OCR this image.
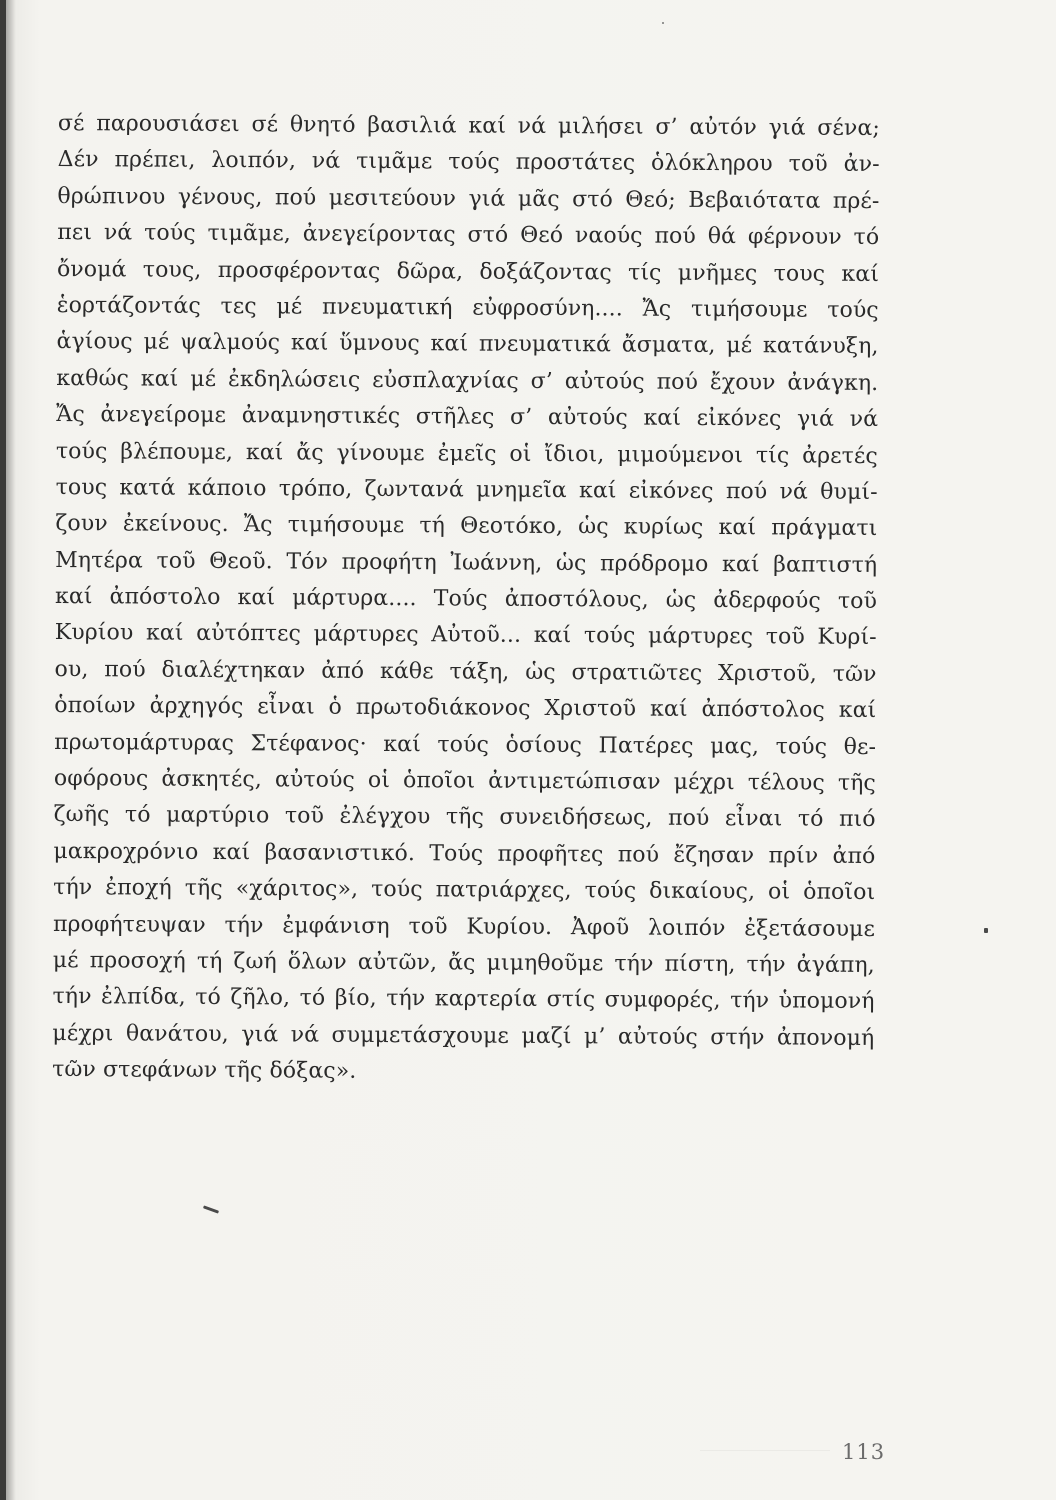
σέ παρουσιάσει σέ θνητό βασιλιά καί νά μιλήσει σ’ αὐτόν γιά σένα;
Δέν πρέπει, λοιπόν, νά τιμᾶμε τούς προστάτες ὁλόκληρου τοῦ ἀν-
θρώπινου γένους, πού μεσιτεύουν γιά μᾶς στό Θεό; Βεβαιότατα πρέ-
πει νά τούς τιμᾶμε, ἀνεγείροντας στό Θεό ναούς πού θά φέρνουν τό
ὄνομά τους, προσφέροντας δῶρα, δοξάζοντας τίς μνῆμες τους καί
ἑορτάζοντάς τες μέ πνευματική εὐφροσύνη.... Ἄς τιμήσουμε τούς
ἁγίους μέ ψαλμούς καί ὕμνους καί πνευματικά ἄσματα, μέ κατάνυξη,
καθώς καί μέ ἐκδηλώσεις εὐσπλαχνίας σ’ αὐτούς πού ἔχουν ἀνάγκη.
Ἄς ἀνεγείρομε ἀναμνηστικές στῆλες σ’ αὐτούς καί εἰκόνες γιά νά
τούς βλέπουμε, καί ἄς γίνουμε ἐμεῖς οἱ ἴδιοι, μιμούμενοι τίς ἀρετές
τους κατά κάποιο τρόπο, ζωντανά μνημεῖα καί εἰκόνες πού νά θυμί-
ζουν ἐκείνους. Ἄς τιμήσουμε τή Θεοτόκο, ὡς κυρίως καί πράγματι
Μητέρα τοῦ Θεοῦ. Τόν προφήτη Ἰωάννη, ὡς πρόδρομο καί βαπτιστή
καί ἀπόστολο καί μάρτυρα.... Τούς ἀποστόλους, ὡς ἀδερφούς τοῦ
Κυρίου καί αὐτόπτες μάρτυρες Αὐτοῦ... καί τούς μάρτυρες τοῦ Κυρί-
ου, πού διαλέχτηκαν ἀπό κάθε τάξη, ὡς στρατιῶτες Χριστοῦ, τῶν
ὁποίων ἀρχηγός εἶναι ὁ πρωτοδιάκονος Χριστοῦ καί ἀπόστολος καί
πρωτομάρτυρας Στέφανος· καί τούς ὁσίους Πατέρες μας, τούς θε-
οφόρους ἀσκητές, αὐτούς οἱ ὁποῖοι ἀντιμετώπισαν μέχρι τέλους τῆς
ζωῆς τό μαρτύριο τοῦ ἐλέγχου τῆς συνειδήσεως, πού εἶναι τό πιό
μακροχρόνιο καί βασανιστικό. Τούς προφῆτες πού ἔζησαν πρίν ἀπό
τήν ἐποχή τῆς «χάριτος», τούς πατριάρχες, τούς δικαίους, οἱ ὁποῖοι
προφήτευψαν τήν ἐμφάνιση τοῦ Κυρίου. Ἀφοῦ λοιπόν ἐξετάσουμε
μέ προσοχή τή ζωή ὅλων αὐτῶν, ἄς μιμηθοῦμε τήν πίστη, τήν ἀγάπη,
τήν ἐλπίδα, τό ζῆλο, τό βίο, τήν καρτερία στίς συμφορές, τήν ὑπομονή
μέχρι θανάτου, γιά νά συμμετάσχουμε μαζί μ’ αὐτούς στήν ἀπονομή
τῶν στεφάνων τῆς δόξας».
113
